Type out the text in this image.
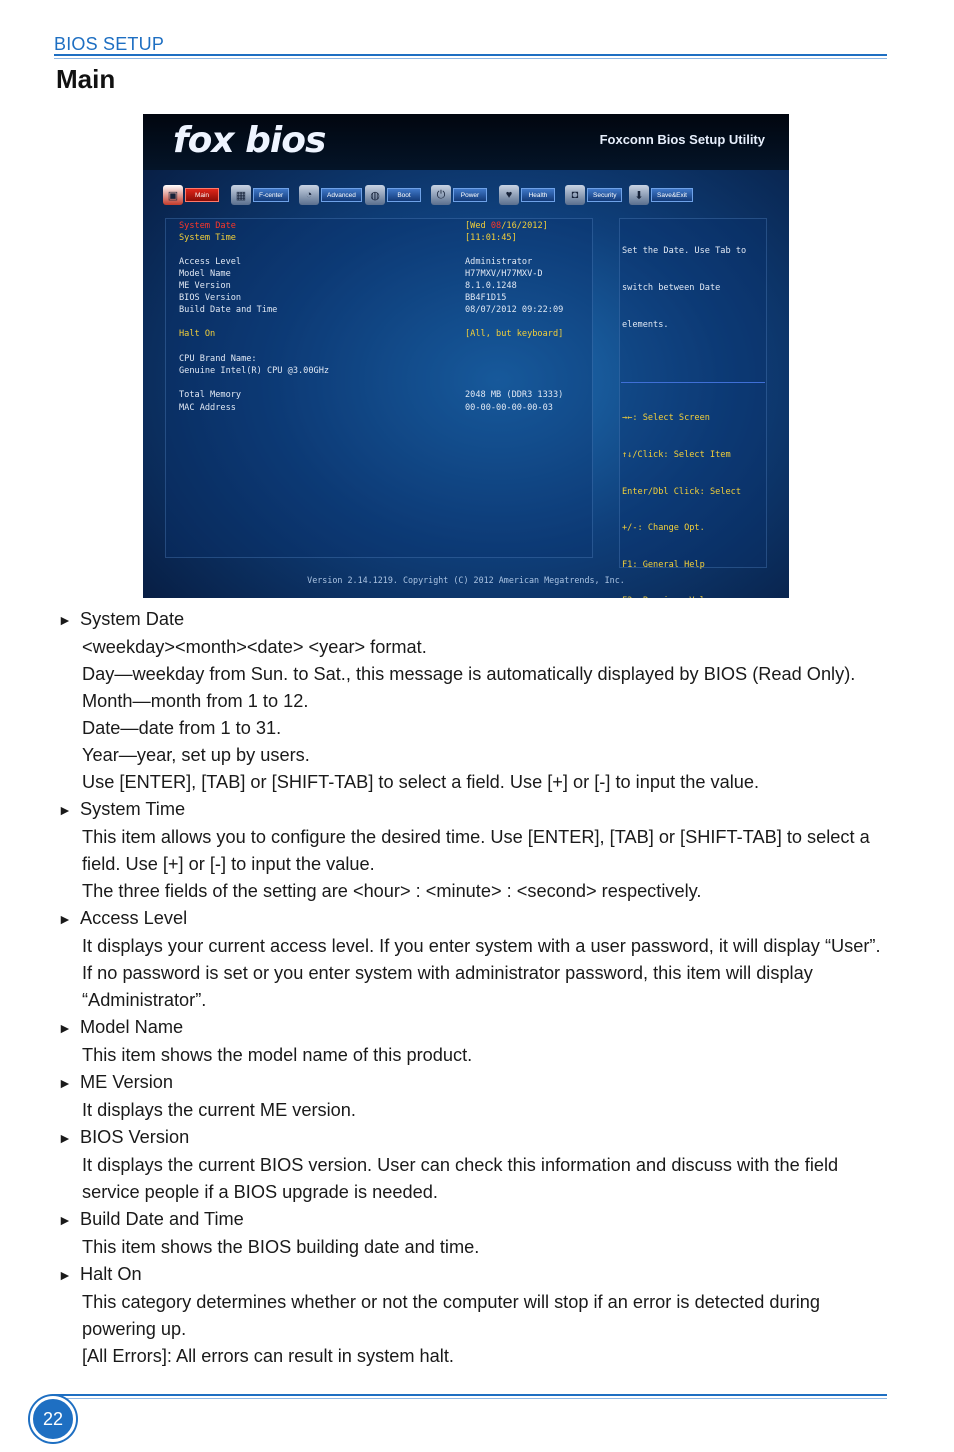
BIOS SETUP
Main
fox bios	Foxconn Bios Setup Utility
▣	Main	▦	F-center	◔	Advanced	◍	Boot	⏻	Power	♥	Health	◘	Security	⬇	Save&Exit
System Date	[Wed 08/16/2012]
System Time	[11:01:45]
Access Level	Administrator
Model Name	H77MXV/H77MXV-D
ME Version	8.1.0.1248
BIOS Version	BB4F1D15
Build Date and Time	08/07/2012 09:22:09
Halt On	[All, but keyboard]
CPU Brand Name:
Genuine Intel(R) CPU @3.00GHz
Total Memory	2048 MB (DDR3 1333)
MAC Address	00-00-00-00-00-03

Set the Date. Use Tab to

switch between Date

elements.

→←: Select Screen

↑↓/Click: Select Item

Enter/Dbl Click: Select

+/-: Change Opt.

F1: General Help

Version 2.14.1219. Copyright (C) 2012 American Megatrends, Inc.
► System Date
<weekday><month><date> <year> format.
Day—weekday from Sun. to Sat., this message is automatically displayed by BIOS (Read Only).
Month—month from 1 to 12.
Date—date from 1 to 31.
Year—year, set up by users.
Use [ENTER], [TAB] or [SHIFT-TAB] to select a field. Use [+] or [-] to input the value.
► System Time
This item allows you to configure the desired time. Use [ENTER], [TAB] or [SHIFT-TAB] to select a field. Use [+] or [-] to input the value.
The three fields of the setting are <hour> : <minute> : <second> respectively.
► Access Level
It displays your current access level. If you enter system with a user password, it will display “User”. If no password is set or you enter system with administrator password, this item will display “Administrator”.
► Model Name
This item shows the model name of this product.
► ME Version
It displays the current ME version.
► BIOS Version
It displays the current BIOS version. User can check this information and discuss with the field service people if a BIOS upgrade is needed.
► Build Date and Time
This item shows the BIOS building date and time.
► Halt On
This category determines whether or not the computer will stop if an error is detected during powering up.
[All Errors]: All errors can result in system halt.
22
